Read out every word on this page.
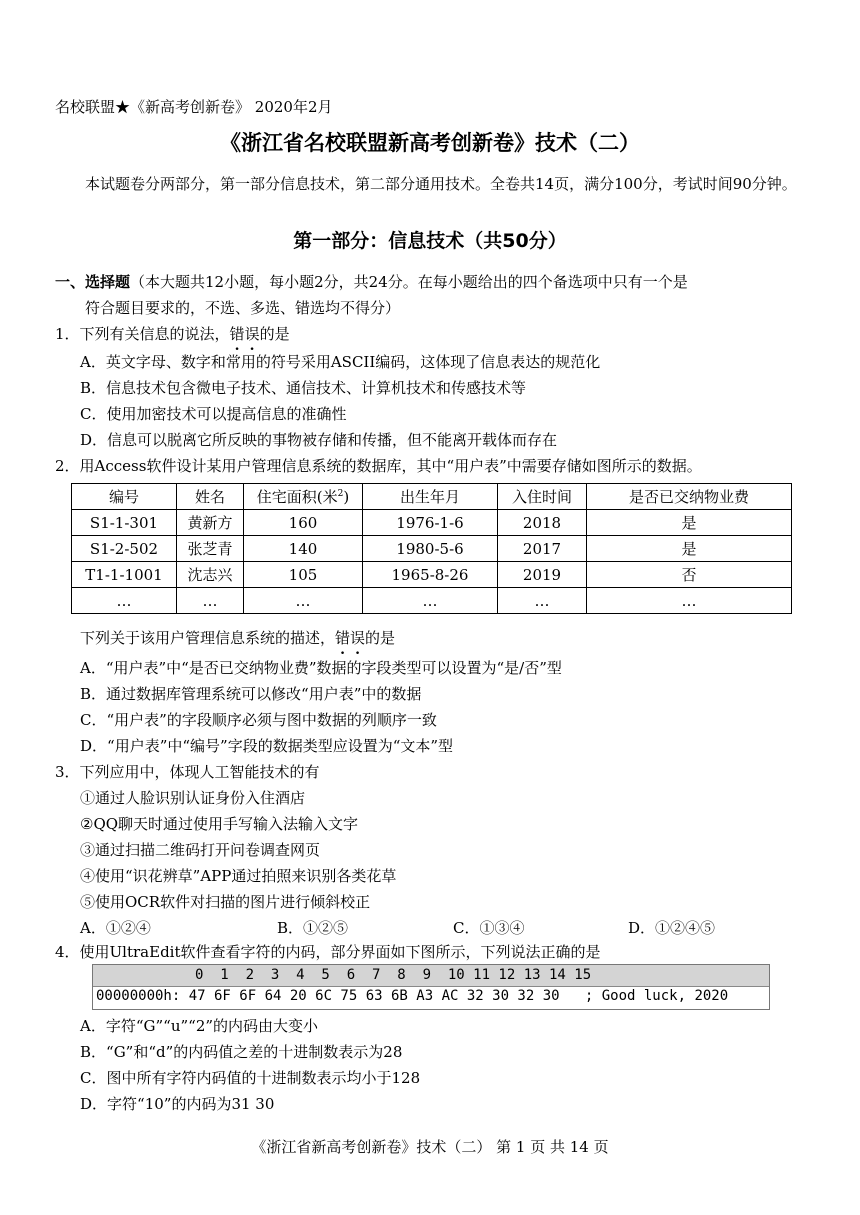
名校联盟★《新高考创新卷》 2020年2月
《浙江省名校联盟新高考创新卷》技术（二）
本试题卷分两部分，第一部分信息技术，第二部分通用技术。全卷共14页，满分100分，考试时间90分钟。
第一部分：信息技术（共50分）
一、选择题（本大题共12小题，每小题2分，共24分。在每小题给出的四个备选项中只有一个是
符合题目要求的，不选、多选、错选均不得分）
1．下列有关信息的说法，错误的是
A．英文字母、数字和常用的符号采用ASCII编码，这体现了信息表达的规范化
B．信息技术包含微电子技术、通信技术、计算机技术和传感技术等
C．使用加密技术可以提高信息的准确性
D．信息可以脱离它所反映的事物被存储和传播，但不能离开载体而存在
2．用Access软件设计某用户管理信息系统的数据库，其中“用户表”中需要存储如图所示的数据。
编号	姓名	住宅面积(米$^2$)	出生年月	入住时间	是否已交纳物业费
S1-1-301	黄新方	160	1976-1-6	2018	是
S1-2-502	张芝青	140	1980-5-6	2017	是
T1-1-1001	沈志兴	105	1965-8-26	2019	否
…	…	…	…	…	…
下列关于该用户管理信息系统的描述，错误的是
A．“用户表”中“是否已交纳物业费”数据的字段类型可以设置为“是/否”型
B．通过数据库管理系统可以修改“用户表”中的数据
C．“用户表”的字段顺序必须与图中数据的列顺序一致
D．“用户表”中“编号”字段的数据类型应设置为“文本”型
3．下列应用中，体现人工智能技术的有
①通过人脸识别认证身份入住酒店
②QQ聊天时通过使用手写输入法输入文字
③通过扫描二维码打开问卷调查网页
④使用“识花辨草”APP通过拍照来识别各类花草
⑤使用OCR软件对扫描的图片进行倾斜校正
A．①②④	B．①②⑤	C．①③④	D．①②④⑤
4．使用UltraEdit软件查看字符的内码，部分界面如下图所示，下列说法正确的是
0  1  2  3  4  5  6  7  8  9  10 11 12 13 14 15
00000000h: 47 6F 6F 64 20 6C 75 63 6B A3 AC 32 30 32 30   ; Good luck, 2020
A．字符“G”“u”“2”的内码由大变小
B．“G”和“d”的内码值之差的十进制数表示为28
C．图中所有字符内码值的十进制数表示均小于128
D．字符“10”的内码为31 30
《浙江省新高考创新卷》技术（二） 第 1 页 共 14 页
